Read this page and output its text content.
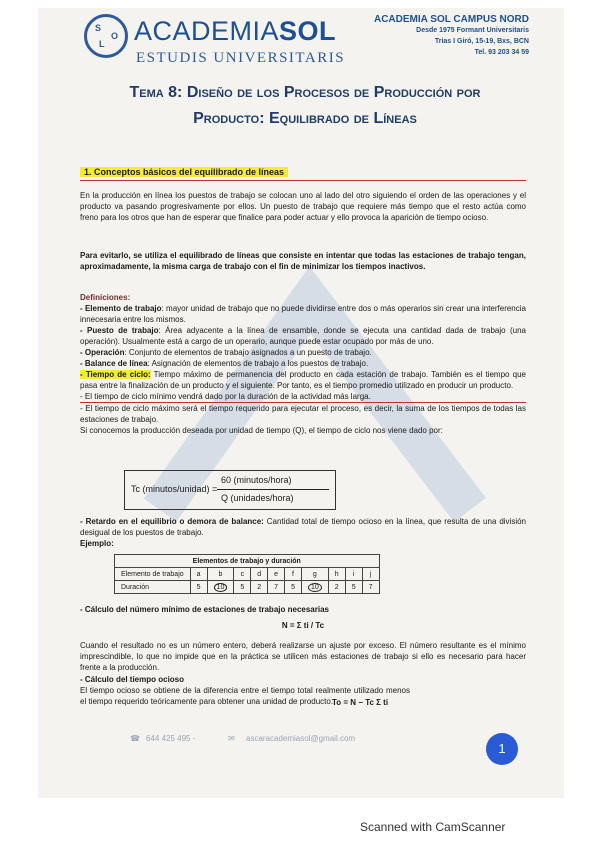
S
O
L ACADEMIASOL
ESTUDIS UNIVERSITARIS
ACADEMIA SOL CAMPUS NORD
Desde 1975 Formant Universitaris
Trias I Giró, 15-19, Bxs, BCN
Tel. 93 203 34 59
Tema 8: Diseño de los Procesos de Producción por
Producto: Equilibrado de Líneas
1. Conceptos básicos del equilibrado de líneas
En la producción en línea los puestos de trabajo se colocan uno al lado del otro siguiendo el orden de las operaciones y el producto va pasando progresivamente por ellos. Un puesto de trabajo que requiere más tiempo que el resto actúa como freno para los otros que han de esperar que finalice para poder actuar y ello provoca la aparición de tiempo ocioso.
Para evitarlo, se utiliza el equilibrado de líneas que consiste en intentar que todas las estaciones de trabajo tengan, aproximadamente, la misma carga de trabajo con el fin de minimizar los tiempos inactivos.
Definiciones:
- Elemento de trabajo: mayor unidad de trabajo que no puede dividirse entre dos o más operarios sin crear una interferencia innecesaria entre los mismos.
- Puesto de trabajo: Área adyacente a la línea de ensamble, donde se ejecuta una cantidad dada de trabajo (una operación). Usualmente está a cargo de un operario, aunque puede estar ocupado por más de uno.
- Operación: Conjunto de elementos de trabajo asignados a un puesto de trabajo.
- Balance de línea: Asignación de elementos de trabajo a los puestos de trabajo.
- Tiempo de ciclo: Tiempo máximo de permanencia del producto en cada estación de trabajo. También es el tiempo que pasa entre la finalización de un producto y el siguiente. Por tanto, es el tiempo promedio utilizado en producir un producto.
- El tiempo de ciclo mínimo vendrá dado por la duración de la actividad más larga.
- El tiempo de ciclo máximo será el tiempo requerido para ejecutar el proceso, es decir, la suma de los tiempos de todas las estaciones de trabajo.
Si conocemos la producción deseada por unidad de tiempo (Q), el tiempo de ciclo nos viene dado por:
Tc (minutos/unidad) =
60 (minutos/hora)
Q (unidades/hora)
- Retardo en el equilibrio o demora de balance: Cantidad total de tiempo ocioso en la línea, que resulta de una división desigual de los puestos de trabajo.
Ejemplo:
Elementos de trabajo y duración										
Elemento de trabajo	a	b	c	d	e	f	g	h	i	j
Duración	5	10	5	2	7	5	10	2	5	7
- Cálculo del número mínimo de estaciones de trabajo necesarias
N = Σ ti / Tc
Cuando el resultado no es un número entero, deberá realizarse un ajuste por exceso. El número resultante es el mínimo imprescindible, lo que no impide que en la práctica se utilicen más estaciones de trabajo si ello es necesario para hacer frente a la producción.
- Cálculo del tiempo ocioso
El tiempo ocioso se obtiene de la diferencia entre el tiempo total realmente utilizado menos el tiempo requerido teóricamente para obtener una unidad de producto.
To = N − Tc Σ ti
☎ 644 425 495 -	✉ ascaracademiasol@gmail.com
1
Scanned with CamScanner
